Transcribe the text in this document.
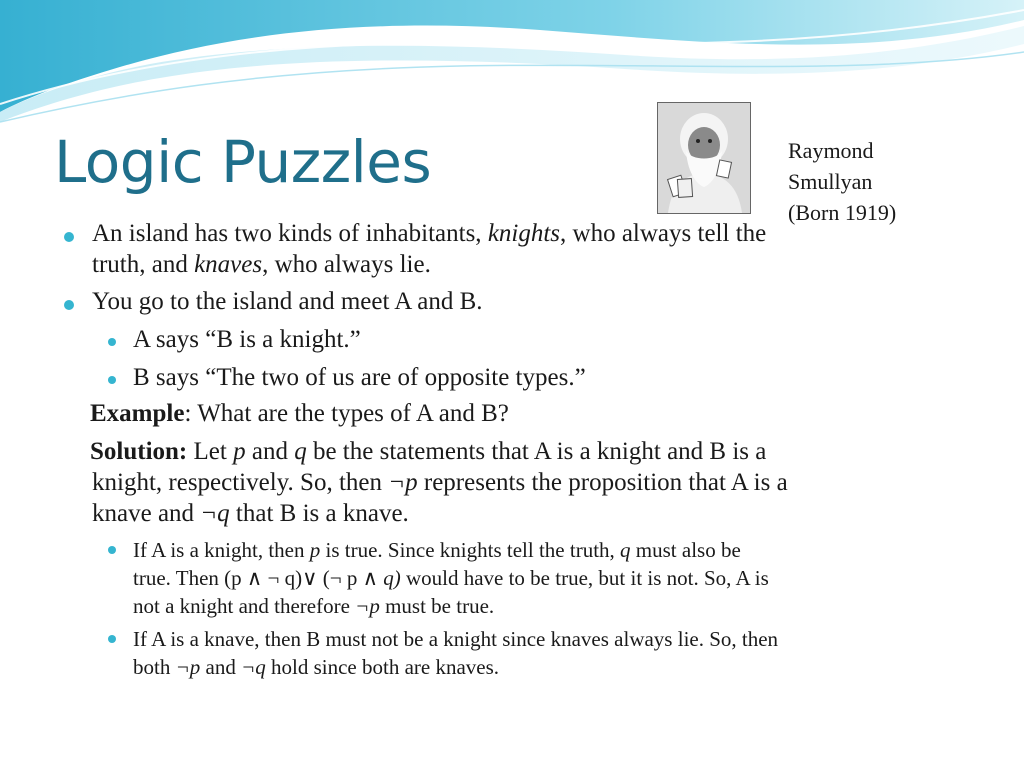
Logic Puzzles	Raymond
Smullyan
(Born 1919)
An island has two kinds of inhabitants, knights, who always tell the
truth, and knaves, who always lie.
You go to the island and meet A and B.
A says “B is a knight.”
B says “The two of us are of opposite types.”
Example: What are the types of A and B?
Solution: Let p and q be the statements that A is a knight and B is a
knight, respectively. So, then ¬p represents the proposition that A is a
knave and ¬q that B is a knave.
If A is a knight, then p is true. Since knights tell the truth, q must also be
true. Then (p ∧ ¬ q)∨ (¬ p ∧ q) would have to be true, but it is not. So, A is
not a knight and therefore ¬p must be true.
If A is a knave, then B must not be a knight since knaves always lie. So, then
both ¬p and ¬q hold since both are knaves.
